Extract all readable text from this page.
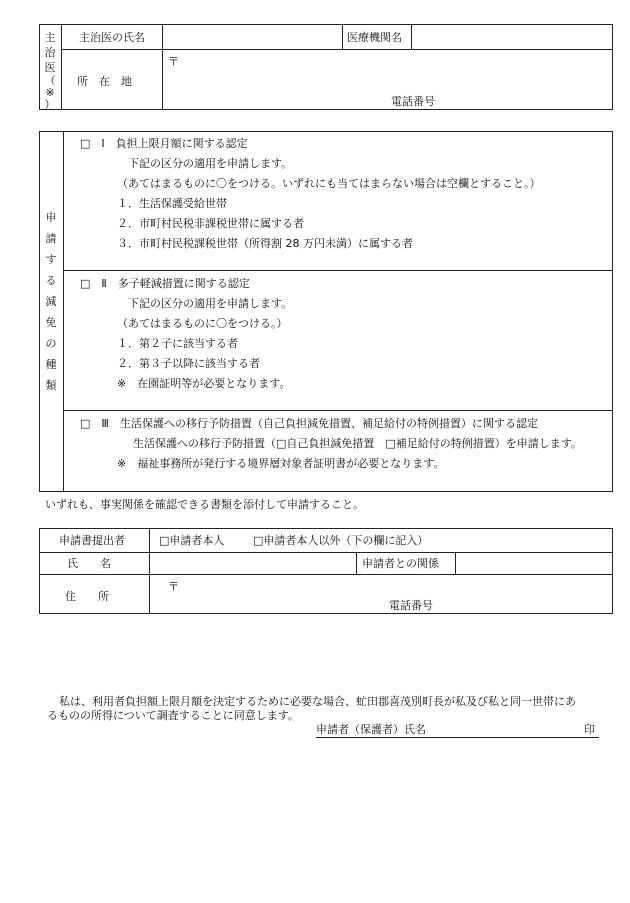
主
治
医
（
※
）
主治医の氏名	医療機関名
所　在　地
〒
電話番号
申
請
す
る
減
免
の
種
類
□　Ⅰ　負担上限月額に関する認定
下記の区分の適用を申請します。
（あてはまるものに〇をつける。いずれにも当てはまらない場合は空欄とすること。）
１．生活保護受給世帯
２．市町村民税非課税世帯に属する者
３．市町村民税課税世帯（所得割 28 万円未満）に属する者
□　Ⅱ　多子軽減措置に関する認定
下記の区分の適用を申請します。
（あてはまるものに〇をつける。）
１．第２子に該当する者
２．第３子以降に該当する者
※　在園証明等が必要となります。
□　Ⅲ　生活保護への移行予防措置（自己負担減免措置、補足給付の特例措置）に関する認定
生活保護への移行予防措置（□自己負担減免措置　□補足給付の特例措置）を申請します。
※　福祉事務所が発行する境界層対象者証明書が必要となります。
いずれも、事実関係を確認できる書類を添付して申請すること。
申請書提出者	□申請者本人	□申請者本人以外（下の欄に記入）
氏　　名	申請者との関係
住　　所
〒
電話番号
私は、利用者負担額上限月額を決定するために必要な場合、虻田郡喜茂別町長が私及び私と同一世帯にあ
るものの所得について調査することに同意します。
申請者（保護者）氏名	印
